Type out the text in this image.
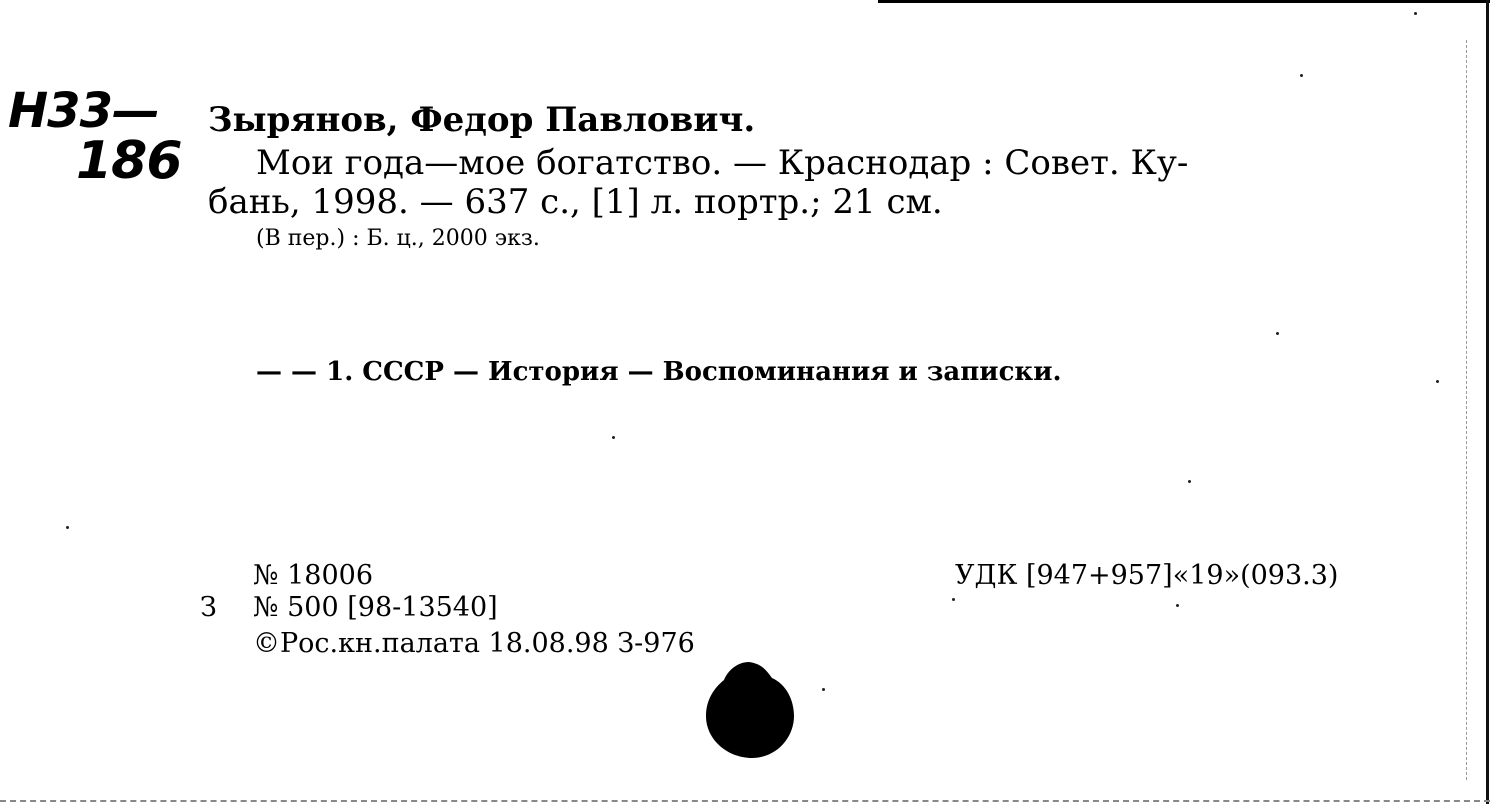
Н33—
186
Зырянов, Федор Павлович.
Мои года—мое богатство. — Краснодар : Совет. Ку-
бань, 1998. — 637 с., [1] л. портр.; 21 см.
(В пер.) : Б. ц., 2000 экз.
— — 1. СССР — История — Воспоминания и записки.
№ 18006
З № 500 [98-13540]
©Рос.кн.палата 18.08.98 З-976
УДК [947+957]«19»(093.3)
